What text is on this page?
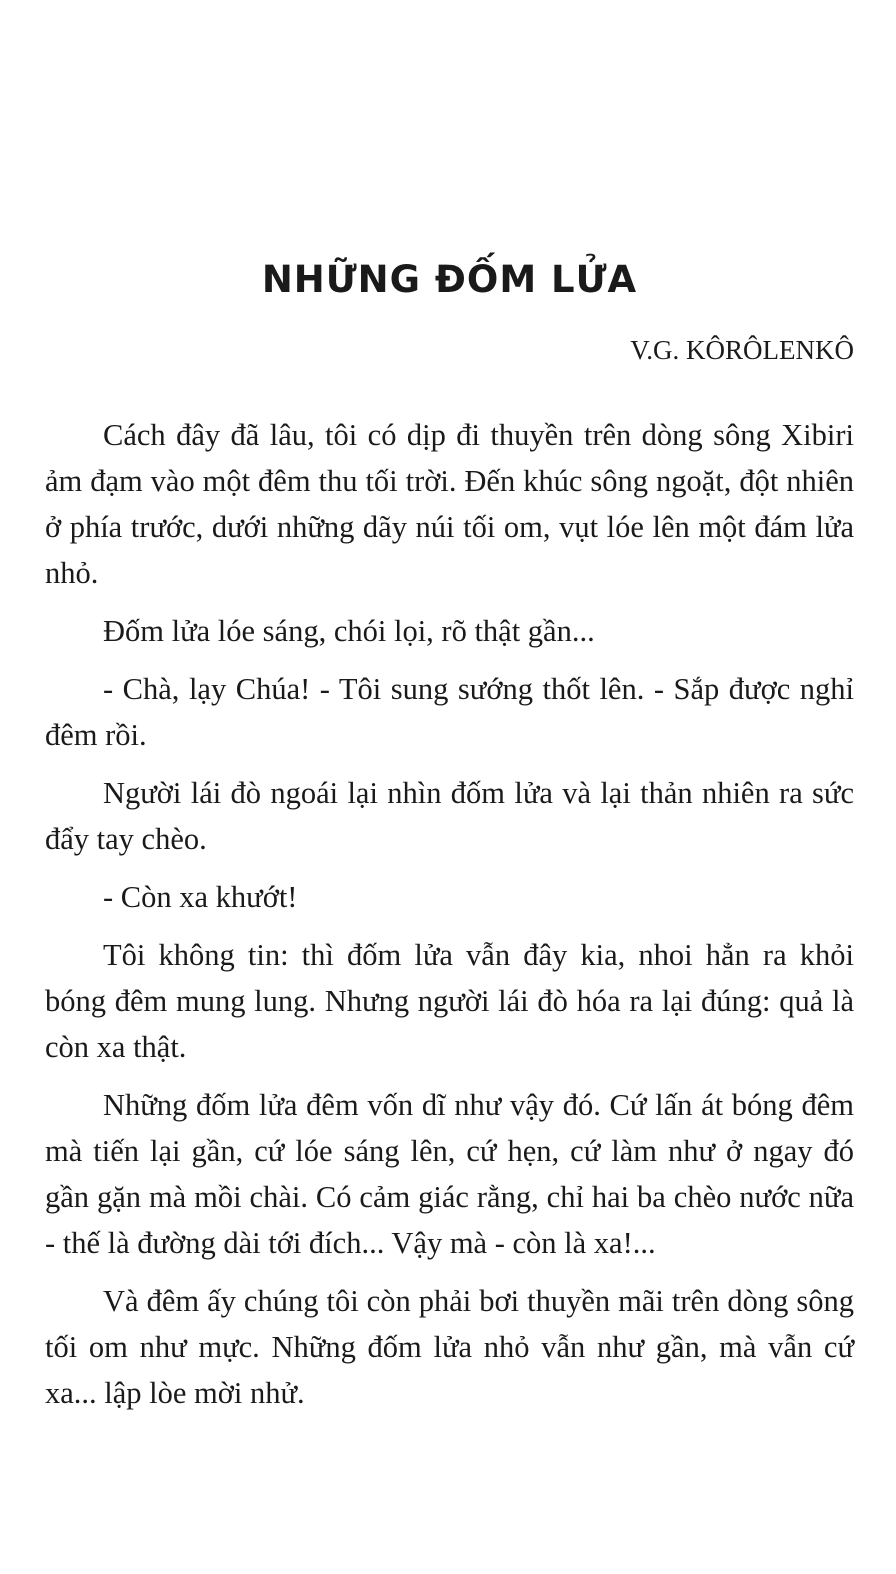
NHỮNG ĐỐM LỬA
V.G. KÔRÔLENKÔ

Cách đây đã lâu, tôi có dịp đi thuyền trên dòng sông Xibiri ảm đạm vào một đêm thu tối trời. Đến khúc sông ngoặt, đột nhiên ở phía trước, dưới những dãy núi tối om, vụt lóe lên một đám lửa nhỏ.

Đốm lửa lóe sáng, chói lọi, rõ thật gần...

- Chà, lạy Chúa! - Tôi sung sướng thốt lên. - Sắp được nghỉ đêm rồi.

Người lái đò ngoái lại nhìn đốm lửa và lại thản nhiên ra sức đẩy tay chèo.

- Còn xa khướt!

Tôi không tin: thì đốm lửa vẫn đây kia, nhoi hẳn ra khỏi bóng đêm mung lung. Nhưng người lái đò hóa ra lại đúng: quả là còn xa thật.

Những đốm lửa đêm vốn dĩ như vậy đó. Cứ lấn át bóng đêm mà tiến lại gần, cứ lóe sáng lên, cứ hẹn, cứ làm như ở ngay đó gần gặn mà mồi chài. Có cảm giác rằng, chỉ hai ba chèo nước nữa - thế là đường dài tới đích... Vậy mà - còn là xa!...

Và đêm ấy chúng tôi còn phải bơi thuyền mãi trên dòng sông tối om như mực. Những đốm lửa nhỏ vẫn như gần, mà vẫn cứ xa... lập lòe mời nhử.
